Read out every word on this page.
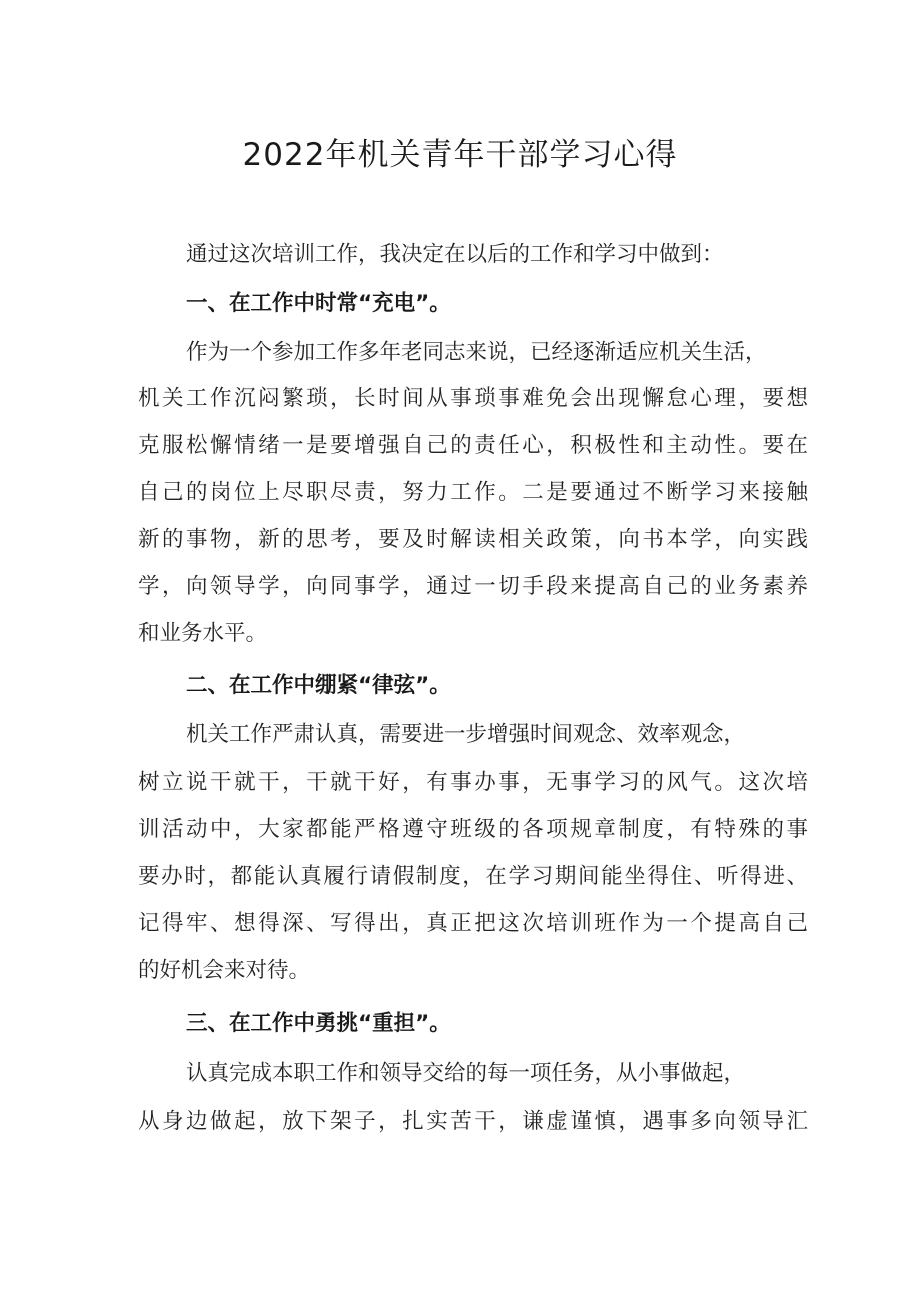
2022年机关青年干部学习心得

通过这次培训工作，我决定在以后的工作和学习中做到：

一、在工作中时常“充电”。

作为一个参加工作多年老同志来说，已经逐渐适应机关生活，

机关工作沉闷繁琐，长时间从事琐事难免会出现懈怠心理，要想

克服松懈情绪一是要增强自己的责任心，积极性和主动性。要在

自己的岗位上尽职尽责，努力工作。二是要通过不断学习来接触

新的事物，新的思考，要及时解读相关政策，向书本学，向实践

学，向领导学，向同事学，通过一切手段来提高自己的业务素养

和业务水平。

二、在工作中绷紧“律弦”。

机关工作严肃认真，需要进一步增强时间观念、效率观念，

树立说干就干，干就干好，有事办事，无事学习的风气。这次培

训活动中，大家都能严格遵守班级的各项规章制度，有特殊的事

要办时，都能认真履行请假制度，在学习期间能坐得住、听得进、

记得牢、想得深、写得出，真正把这次培训班作为一个提高自己

的好机会来对待。

三、在工作中勇挑“重担”。

认真完成本职工作和领导交给的每一项任务，从小事做起，

从身边做起，放下架子，扎实苦干，谦虚谨慎，遇事多向领导汇
